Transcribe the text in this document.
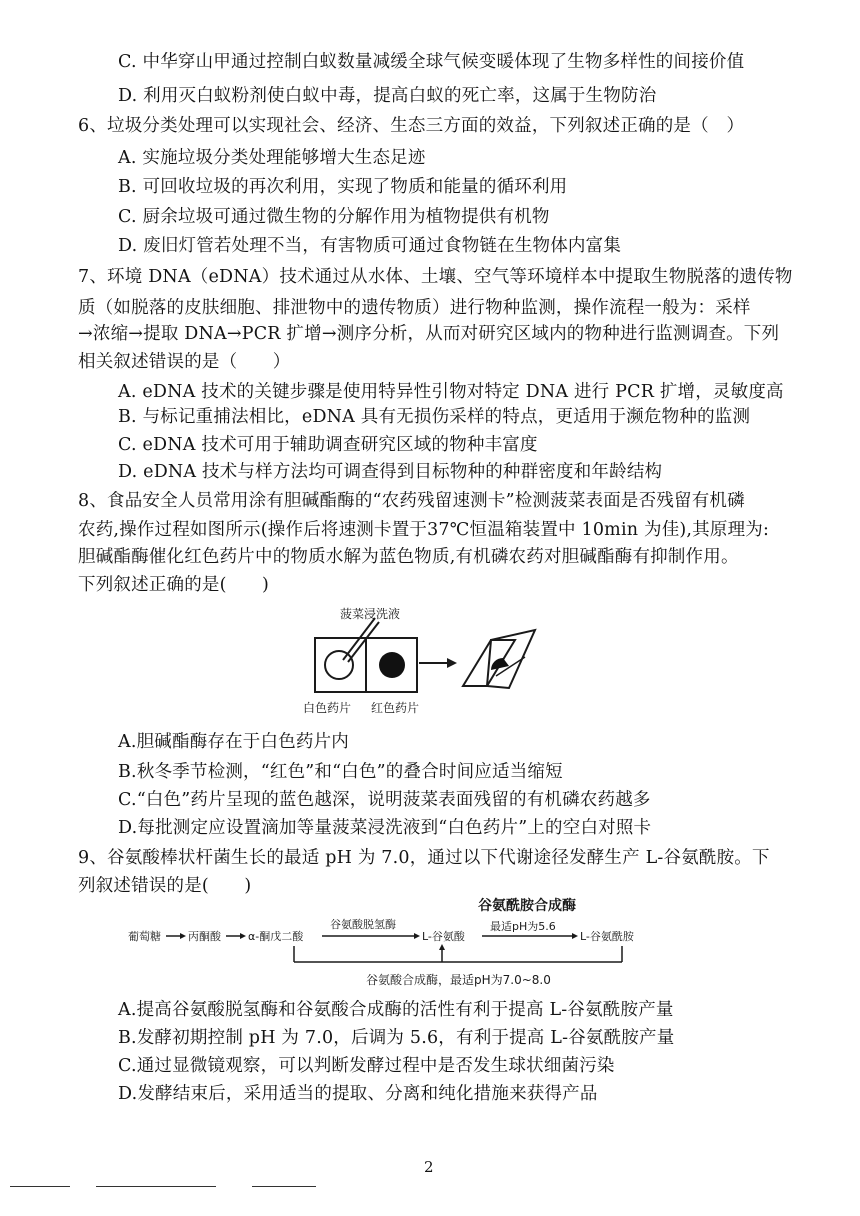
C. 中华穿山甲通过控制白蚁数量减缓全球气候变暖体现了生物多样性的间接价值
D. 利用灭白蚁粉剂使白蚁中毒，提高白蚁的死亡率，这属于生物防治
6、垃圾分类处理可以实现社会、经济、生态三方面的效益，下列叙述正确的是（　）
A. 实施垃圾分类处理能够增大生态足迹
B. 可回收垃圾的再次利用，实现了物质和能量的循环利用
C. 厨余垃圾可通过微生物的分解作用为植物提供有机物
D. 废旧灯管若处理不当，有害物质可通过食物链在生物体内富集
7、环境 DNA（eDNA）技术通过从水体、土壤、空气等环境样本中提取生物脱落的遗传物
质（如脱落的皮肤细胞、排泄物中的遗传物质）进行物种监测，操作流程一般为：采样
→浓缩→提取 DNA→PCR 扩增→测序分析，从而对研究区域内的物种进行监测调查。下列
相关叙述错误的是（　　）
A. eDNA 技术的关键步骤是使用特异性引物对特定 DNA 进行 PCR 扩增，灵敏度高
B. 与标记重捕法相比，eDNA 具有无损伤采样的特点，更适用于濒危物种的监测
C. eDNA 技术可用于辅助调查研究区域的物种丰富度
D. eDNA 技术与样方法均可调查得到目标物种的种群密度和年龄结构
8、食品安全人员常用涂有胆碱酯酶的“农药残留速测卡”检测菠菜表面是否残留有机磷
农药,操作过程如图所示(操作后将速测卡置于37℃恒温箱装置中 10min 为佳),其原理为:
胆碱酯酶催化红色药片中的物质水解为蓝色物质,有机磷农药对胆碱酯酶有抑制作用。
下列叙述正确的是(　　)
菠菜浸洗液
白色药片 红色药片
A.胆碱酯酶存在于白色药片内
B.秋冬季节检测，“红色”和“白色”的叠合时间应适当缩短
C.“白色”药片呈现的蓝色越深，说明菠菜表面残留的有机磷农药越多
D.每批测定应设置滴加等量菠菜浸洗液到“白色药片”上的空白对照卡
9、谷氨酸棒状杆菌生长的最适 pH 为 7.0，通过以下代谢途径发酵生产 L-谷氨酰胺。下
列叙述错误的是(　　)
葡萄糖 丙酮酸 α-酮戊二酸
谷氨酸脱氢酶
L-谷氨酸
谷氨酰胺合成酶
最适pH为5.6
L-谷氨酰胺
谷氨酸合成酶，最适pH为7.0~8.0
A.提高谷氨酸脱氢酶和谷氨酸合成酶的活性有利于提高 L-谷氨酰胺产量
B.发酵初期控制 pH 为 7.0，后调为 5.6，有利于提高 L-谷氨酰胺产量
C.通过显微镜观察，可以判断发酵过程中是否发生球状细菌污染
D.发酵结束后，采用适当的提取、分离和纯化措施来获得产品
2
